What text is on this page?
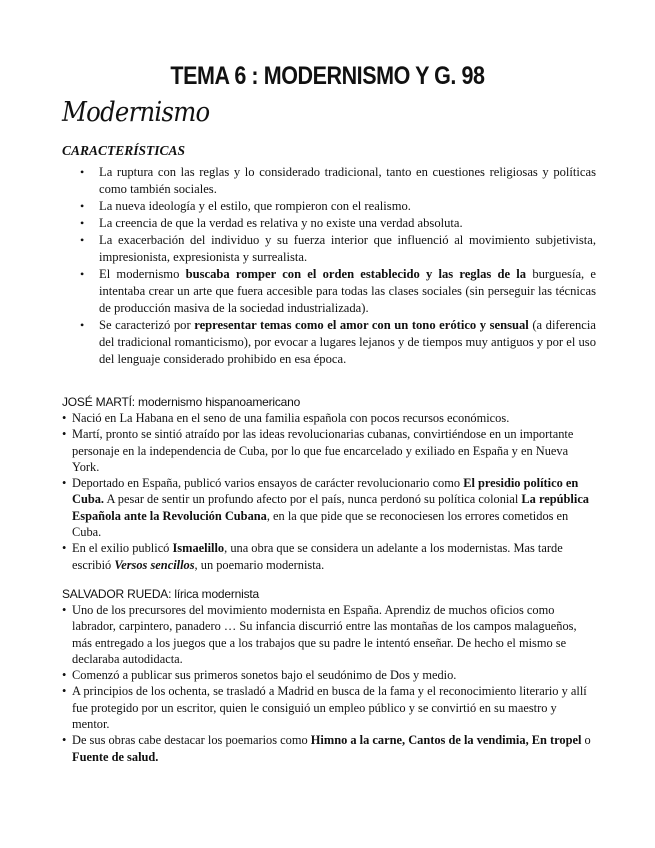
TEMA 6 : MODERNISMO Y G. 98
Modernismo
CARACTERÍSTICAS
• La ruptura con las reglas y lo considerado tradicional, tanto en cuestiones religiosas y políticas como también sociales.
• La nueva ideología y el estilo, que rompieron con el realismo.
• La creencia de que la verdad es relativa y no existe una verdad absoluta.
• La exacerbación del individuo y su fuerza interior que influenció al movimiento subjetivista, impresionista, expresionista y surrealista.
• El modernismo buscaba romper con el orden establecido y las reglas de la burguesía, e intentaba crear un arte que fuera accesible para todas las clases sociales (sin perseguir las técnicas de producción masiva de la sociedad industrializada).
• Se caracterizó por representar temas como el amor con un tono erótico y sensual (a diferencia del tradicional romanticismo), por evocar a lugares lejanos y de tiempos muy antiguos y por el uso del lenguaje considerado prohibido en esa época.

JOSÉ MARTÍ: modernismo hispanoamericano

• Nació en La Habana en el seno de una familia española con pocos recursos económicos.
• Martí, pronto se sintió atraído por las ideas revolucionarias cubanas, convirtiéndose en un importante personaje en la independencia de Cuba, por lo que fue encarcelado y exiliado en España y en Nueva York.
• Deportado en España, publicó varios ensayos de carácter revolucionario como El presidio político en Cuba. A pesar de sentir un profundo afecto por el país, nunca perdonó su política colonial La república Española ante la Revolución Cubana, en la que pide que se reconociesen los errores cometidos en Cuba.
• En el exilio publicó Ismaelillo, una obra que se considera un adelante a los modernistas. Mas tarde escribió Versos sencillos, un poemario modernista.

SALVADOR RUEDA: lírica modernista

• Uno de los precursores del movimiento modernista en España. Aprendiz de muchos oficios como labrador, carpintero, panadero … Su infancia discurrió entre las montañas de los campos malagueños, más entregado a los juegos que a los trabajos que su padre le intentó enseñar. De hecho el mismo se declaraba autodidacta.
• Comenzó a publicar sus primeros sonetos bajo el seudónimo de Dos y medio.
• A principios de los ochenta, se trasladó a Madrid en busca de la fama y el reconocimiento literario y allí fue protegido por un escritor, quien le consiguió un empleo público y se convirtió en su maestro y mentor.
• De sus obras cabe destacar los poemarios como Himno a la carne, Cantos de la vendimia, En tropel o Fuente de salud.
